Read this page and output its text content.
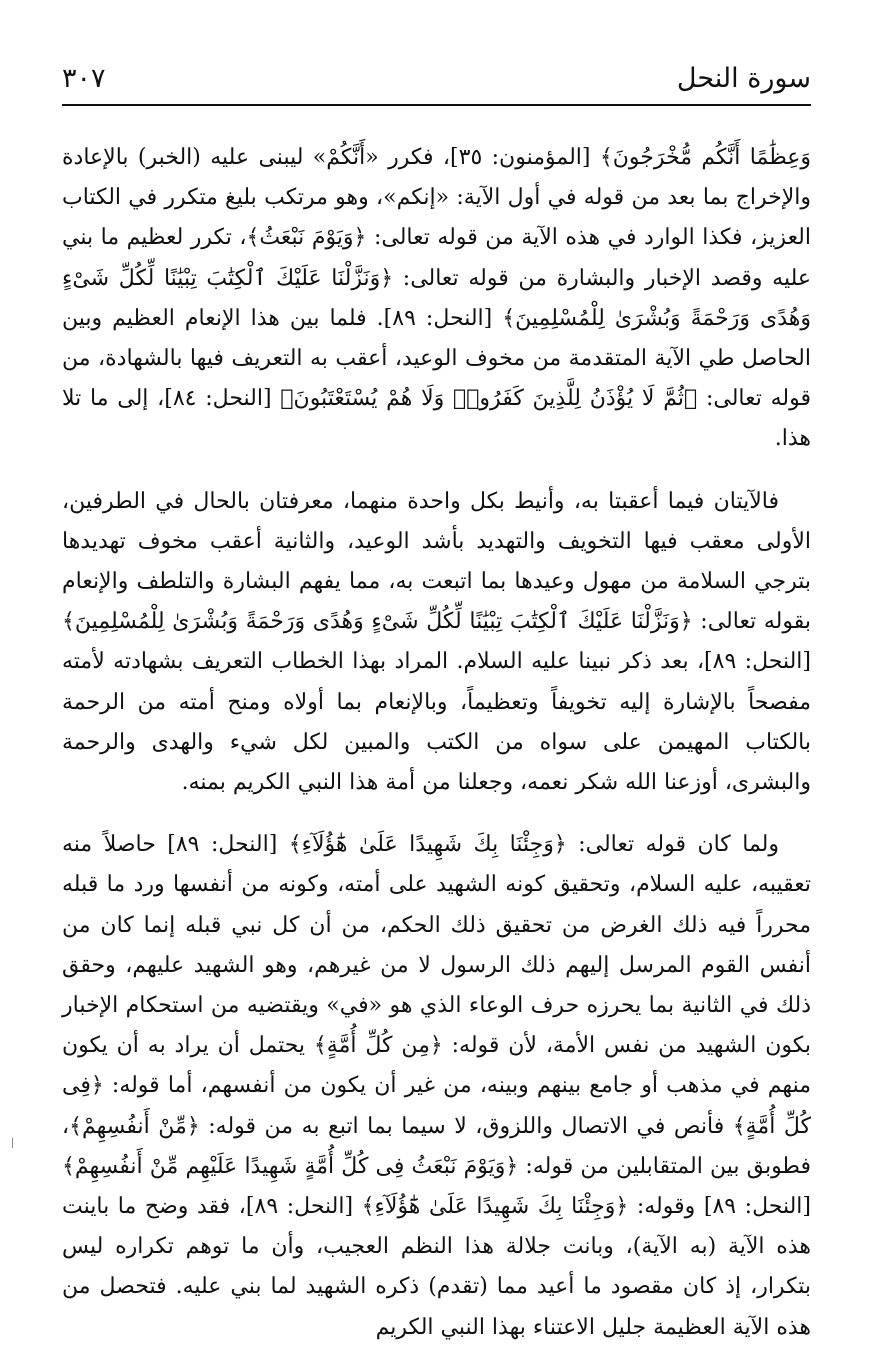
سورة النحل
٣٠٧

وَعِظَٰمًا أَنَّكُم مُّخْرَجُونَ﴾ [المؤمنون: ٣٥]، فكرر «أَنَّكُمْ» ليبنى عليه (الخبر) بالإعادة والإخراج بما بعد من قوله في أول الآية: «إنكم»، وهو مرتكب بليغ متكرر في الكتاب العزيز، فكذا الوارد في هذه الآية من قوله تعالى: ﴿وَيَوْمَ نَبْعَثُ﴾، تكرر لعظيم ما بني عليه وقصد الإخبار والبشارة من قوله تعالى: ﴿وَنَزَّلْنَا عَلَيْكَ ٱلْكِتَٰبَ تِبْيَٰنًا لِّكُلِّ شَىْءٍ وَهُدًى وَرَحْمَةً وَبُشْرَىٰ لِلْمُسْلِمِينَ﴾ [النحل: ٨٩]. فلما بين هذا الإنعام العظيم وبين الحاصل طي الآية المتقدمة من مخوف الوعيد، أعقب به التعريف فيها بالشهادة، من قوله تعالى: ﴿ثُمَّ لَا يُؤْذَنُ لِلَّذِينَ كَفَرُوا۟ وَلَا هُمْ يُسْتَعْتَبُونَ﴾ [النحل: ٨٤]، إلى ما تلا هذا.

فالآيتان فيما أعقبتا به، وأنيط بكل واحدة منهما، معرفتان بالحال في الطرفين، الأولى معقب فيها التخويف والتهديد بأشد الوعيد، والثانية أعقب مخوف تهديدها بترجي السلامة من مهول وعيدها بما اتبعت به، مما يفهم البشارة والتلطف والإنعام بقوله تعالى: ﴿وَنَزَّلْنَا عَلَيْكَ ٱلْكِتَٰبَ تِبْيَٰنًا لِّكُلِّ شَىْءٍ وَهُدًى وَرَحْمَةً وَبُشْرَىٰ لِلْمُسْلِمِينَ﴾ [النحل: ٨٩]، بعد ذكر نبينا عليه السلام. المراد بهذا الخطاب التعريف بشهادته لأمته مفصحاً بالإشارة إليه تخويفاً وتعظيماً، وبالإنعام بما أولاه ومنح أمته من الرحمة بالكتاب المهيمن على سواه من الكتب والمبين لكل شيء والهدى والرحمة والبشرى، أوزعنا الله شكر نعمه، وجعلنا من أمة هذا النبي الكريم بمنه.

ولما كان قوله تعالى: ﴿وَجِئْنَا بِكَ شَهِيدًا عَلَىٰ هَٰٓؤُلَآءِ﴾ [النحل: ٨٩] حاصلاً منه تعقيبه، عليه السلام، وتحقيق كونه الشهيد على أمته، وكونه من أنفسها ورد ما قبله محرراً فيه ذلك الغرض من تحقيق ذلك الحكم، من أن كل نبي قبله إنما كان من أنفس القوم المرسل إليهم ذلك الرسول لا من غيرهم، وهو الشهيد عليهم، وحقق ذلك في الثانية بما يحرزه حرف الوعاء الذي هو «في» ويقتضيه من استحكام الإخبار بكون الشهيد من نفس الأمة، لأن قوله: ﴿مِن كُلِّ أُمَّةٍ﴾ يحتمل أن يراد به أن يكون منهم في مذهب أو جامع بينهم وبينه، من غير أن يكون من أنفسهم، أما قوله: ﴿فِى كُلِّ أُمَّةٍ﴾ فأنص في الاتصال واللزوق، لا سيما بما اتبع به من قوله: ﴿مِّنْ أَنفُسِهِمْ﴾، فطوبق بين المتقابلين من قوله: ﴿وَيَوْمَ نَبْعَثُ فِى كُلِّ أُمَّةٍ شَهِيدًا عَلَيْهِم مِّنْ أَنفُسِهِمْ﴾ [النحل: ٨٩] وقوله: ﴿وَجِئْنَا بِكَ شَهِيدًا عَلَىٰ هَٰٓؤُلَآءِ﴾ [النحل: ٨٩]، فقد وضح ما باينت هذه الآية (به الآية)، وبانت جلالة هذا النظم العجيب، وأن ما توهم تكراره ليس بتكرار، إذ كان مقصود ما أعيد مما (تقدم) ذكره الشهيد لما بني عليه. فتحصل من هذه الآية العظيمة جليل الاعتناء بهذا النبي الكريم
